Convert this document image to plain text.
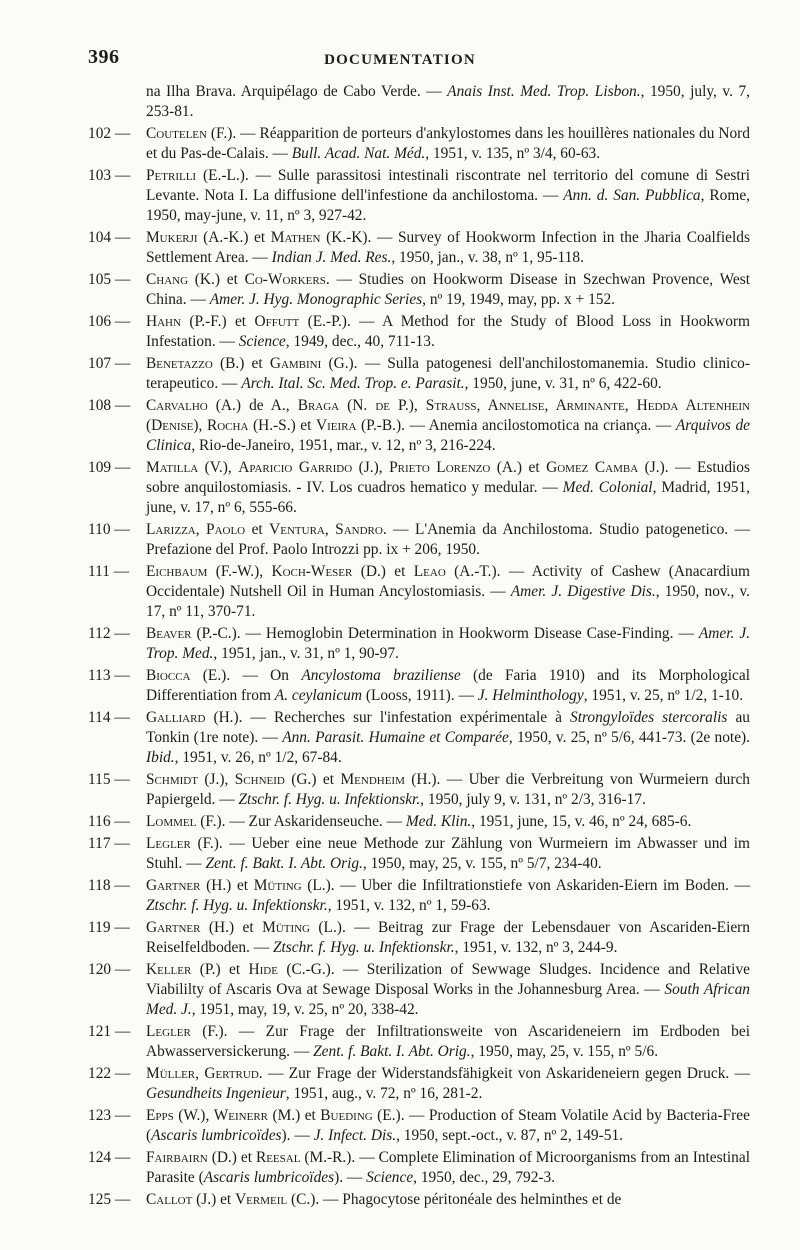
396	DOCUMENTATION
na Ilha Brava. Arquipélago de Cabo Verde. — Anais Inst. Med. Trop. Lisbon., 1950, july, v. 7, 253-81.
102 —	Coutelen (F.). — Réapparition de porteurs d'ankylostomes dans les houillères nationales du Nord et du Pas-de-Calais. — Bull. Acad. Nat. Méd., 1951, v. 135, nº 3/4, 60-63.
103 —	Petrilli (E.-L.). — Sulle parassitosi intestinali riscontrate nel territorio del comune di Sestri Levante. Nota I. La diffusione dell'infestione da anchilostoma. — Ann. d. San. Pubblica, Rome, 1950, may-june, v. 11, nº 3, 927-42.
104 —	Mukerji (A.-K.) et Mathen (K.-K). — Survey of Hookworm Infection in the Jharia Coalfields Settlement Area. — Indian J. Med. Res., 1950, jan., v. 38, nº 1, 95-118.
105 —	Chang (K.) et Co-Workers. — Studies on Hookworm Disease in Szechwan Provence, West China. — Amer. J. Hyg. Monographic Series, nº 19, 1949, may, pp. x + 152.
106 —	Hahn (P.-F.) et Offutt (E.-P.). — A Method for the Study of Blood Loss in Hookworm Infestation. — Science, 1949, dec., 40, 711-13.
107 —	Benetazzo (B.) et Gambini (G.). — Sulla patogenesi dell'anchilostomanemia. Studio clinico-terapeutico. — Arch. Ital. Sc. Med. Trop. e. Parasit., 1950, june, v. 31, nº 6, 422-60.
108 —	Carvalho (A.) de A., Braga (N. de P.), Strauss, Annelise, Arminante, Hedda Altenhein (Denise), Rocha (H.-S.) et Vieira (P.-B.). — Anemia ancilostomotica na criança. — Arquivos de Clinica, Rio-de-Janeiro, 1951, mar., v. 12, nº 3, 216-224.
109 —	Matilla (V.), Aparicio Garrido (J.), Prieto Lorenzo (A.) et Gomez Camba (J.). — Estudios sobre anquilostomiasis. - IV. Los cuadros hematico y medular. — Med. Colonial, Madrid, 1951, june, v. 17, nº 6, 555-66.
110 —	Larizza, Paolo et Ventura, Sandro. — L'Anemia da Anchilostoma. Studio patogenetico. — Prefazione del Prof. Paolo Introzzi pp. ix + 206, 1950.
111 —	Eichbaum (F.-W.), Koch-Weser (D.) et Leao (A.-T.). — Activity of Cashew (Anacardium Occidentale) Nutshell Oil in Human Ancylostomiasis. — Amer. J. Digestive Dis., 1950, nov., v. 17, nº 11, 370-71.
112 —	Beaver (P.-C.). — Hemoglobin Determination in Hookworm Disease Case-Finding. — Amer. J. Trop. Med., 1951, jan., v. 31, nº 1, 90-97.
113 —	Biocca (E.). — On Ancylostoma braziliense (de Faria 1910) and its Morphological Differentiation from A. ceylanicum (Looss, 1911). — J. Helminthology, 1951, v. 25, nº 1/2, 1-10.
114 —	Galliard (H.). — Recherches sur l'infestation expérimentale à Strongyloïdes stercoralis au Tonkin (1re note). — Ann. Parasit. Humaine et Comparée, 1950, v. 25, nº 5/6, 441-73. (2e note). Ibid., 1951, v. 26, nº 1/2, 67-84.
115 —	Schmidt (J.), Schneid (G.) et Mendheim (H.). — Uber die Verbreitung von Wurmeiern durch Papiergeld. — Ztschr. f. Hyg. u. Infektionskr., 1950, july 9, v. 131, nº 2/3, 316-17.
116 —	Lommel (F.). — Zur Askaridenseuche. — Med. Klin., 1951, june, 15, v. 46, nº 24, 685-6.
117 —	Legler (F.). — Ueber eine neue Methode zur Zählung von Wurmeiern im Abwasser und im Stuhl. — Zent. f. Bakt. I. Abt. Orig., 1950, may, 25, v. 155, nº 5/7, 234-40.
118 —	Gartner (H.) et Müting (L.). — Uber die Infiltrationstiefe von Askariden-Eiern im Boden. — Ztschr. f. Hyg. u. Infektionskr., 1951, v. 132, nº 1, 59-63.
119 —	Gartner (H.) et Müting (L.). — Beitrag zur Frage der Lebensdauer von Ascariden-Eiern Reiselfeldboden. — Ztschr. f. Hyg. u. Infektionskr., 1951, v. 132, nº 3, 244-9.
120 —	Keller (P.) et Hide (C.-G.). — Sterilization of Sewwage Sludges. Incidence and Relative Viabililty of Ascaris Ova at Sewage Disposal Works in the Johannesburg Area. — South African Med. J., 1951, may, 19, v. 25, nº 20, 338-42.
121 —	Legler (F.). — Zur Frage der Infiltrationsweite von Ascarideneiern im Erdboden bei Abwasserversickerung. — Zent. f. Bakt. I. Abt. Orig., 1950, may, 25, v. 155, nº 5/6.
122 —	Müller, Gertrud. — Zur Frage der Widerstandsfähigkeit von Askarideneiern gegen Druck. — Gesundheits Ingenieur, 1951, aug., v. 72, nº 16, 281-2.
123 —	Epps (W.), Weinerr (M.) et Bueding (E.). — Production of Steam Volatile Acid by Bacteria-Free (Ascaris lumbricoïdes). — J. Infect. Dis., 1950, sept.-oct., v. 87, nº 2, 149-51.
124 —	Fairbairn (D.) et Reesal (M.-R.). — Complete Elimination of Microorganisms from an Intestinal Parasite (Ascaris lumbricoïdes). — Science, 1950, dec., 29, 792-3.
125 —	Callot (J.) et Vermeil (C.). — Phagocytose péritonéale des helminthes et de
